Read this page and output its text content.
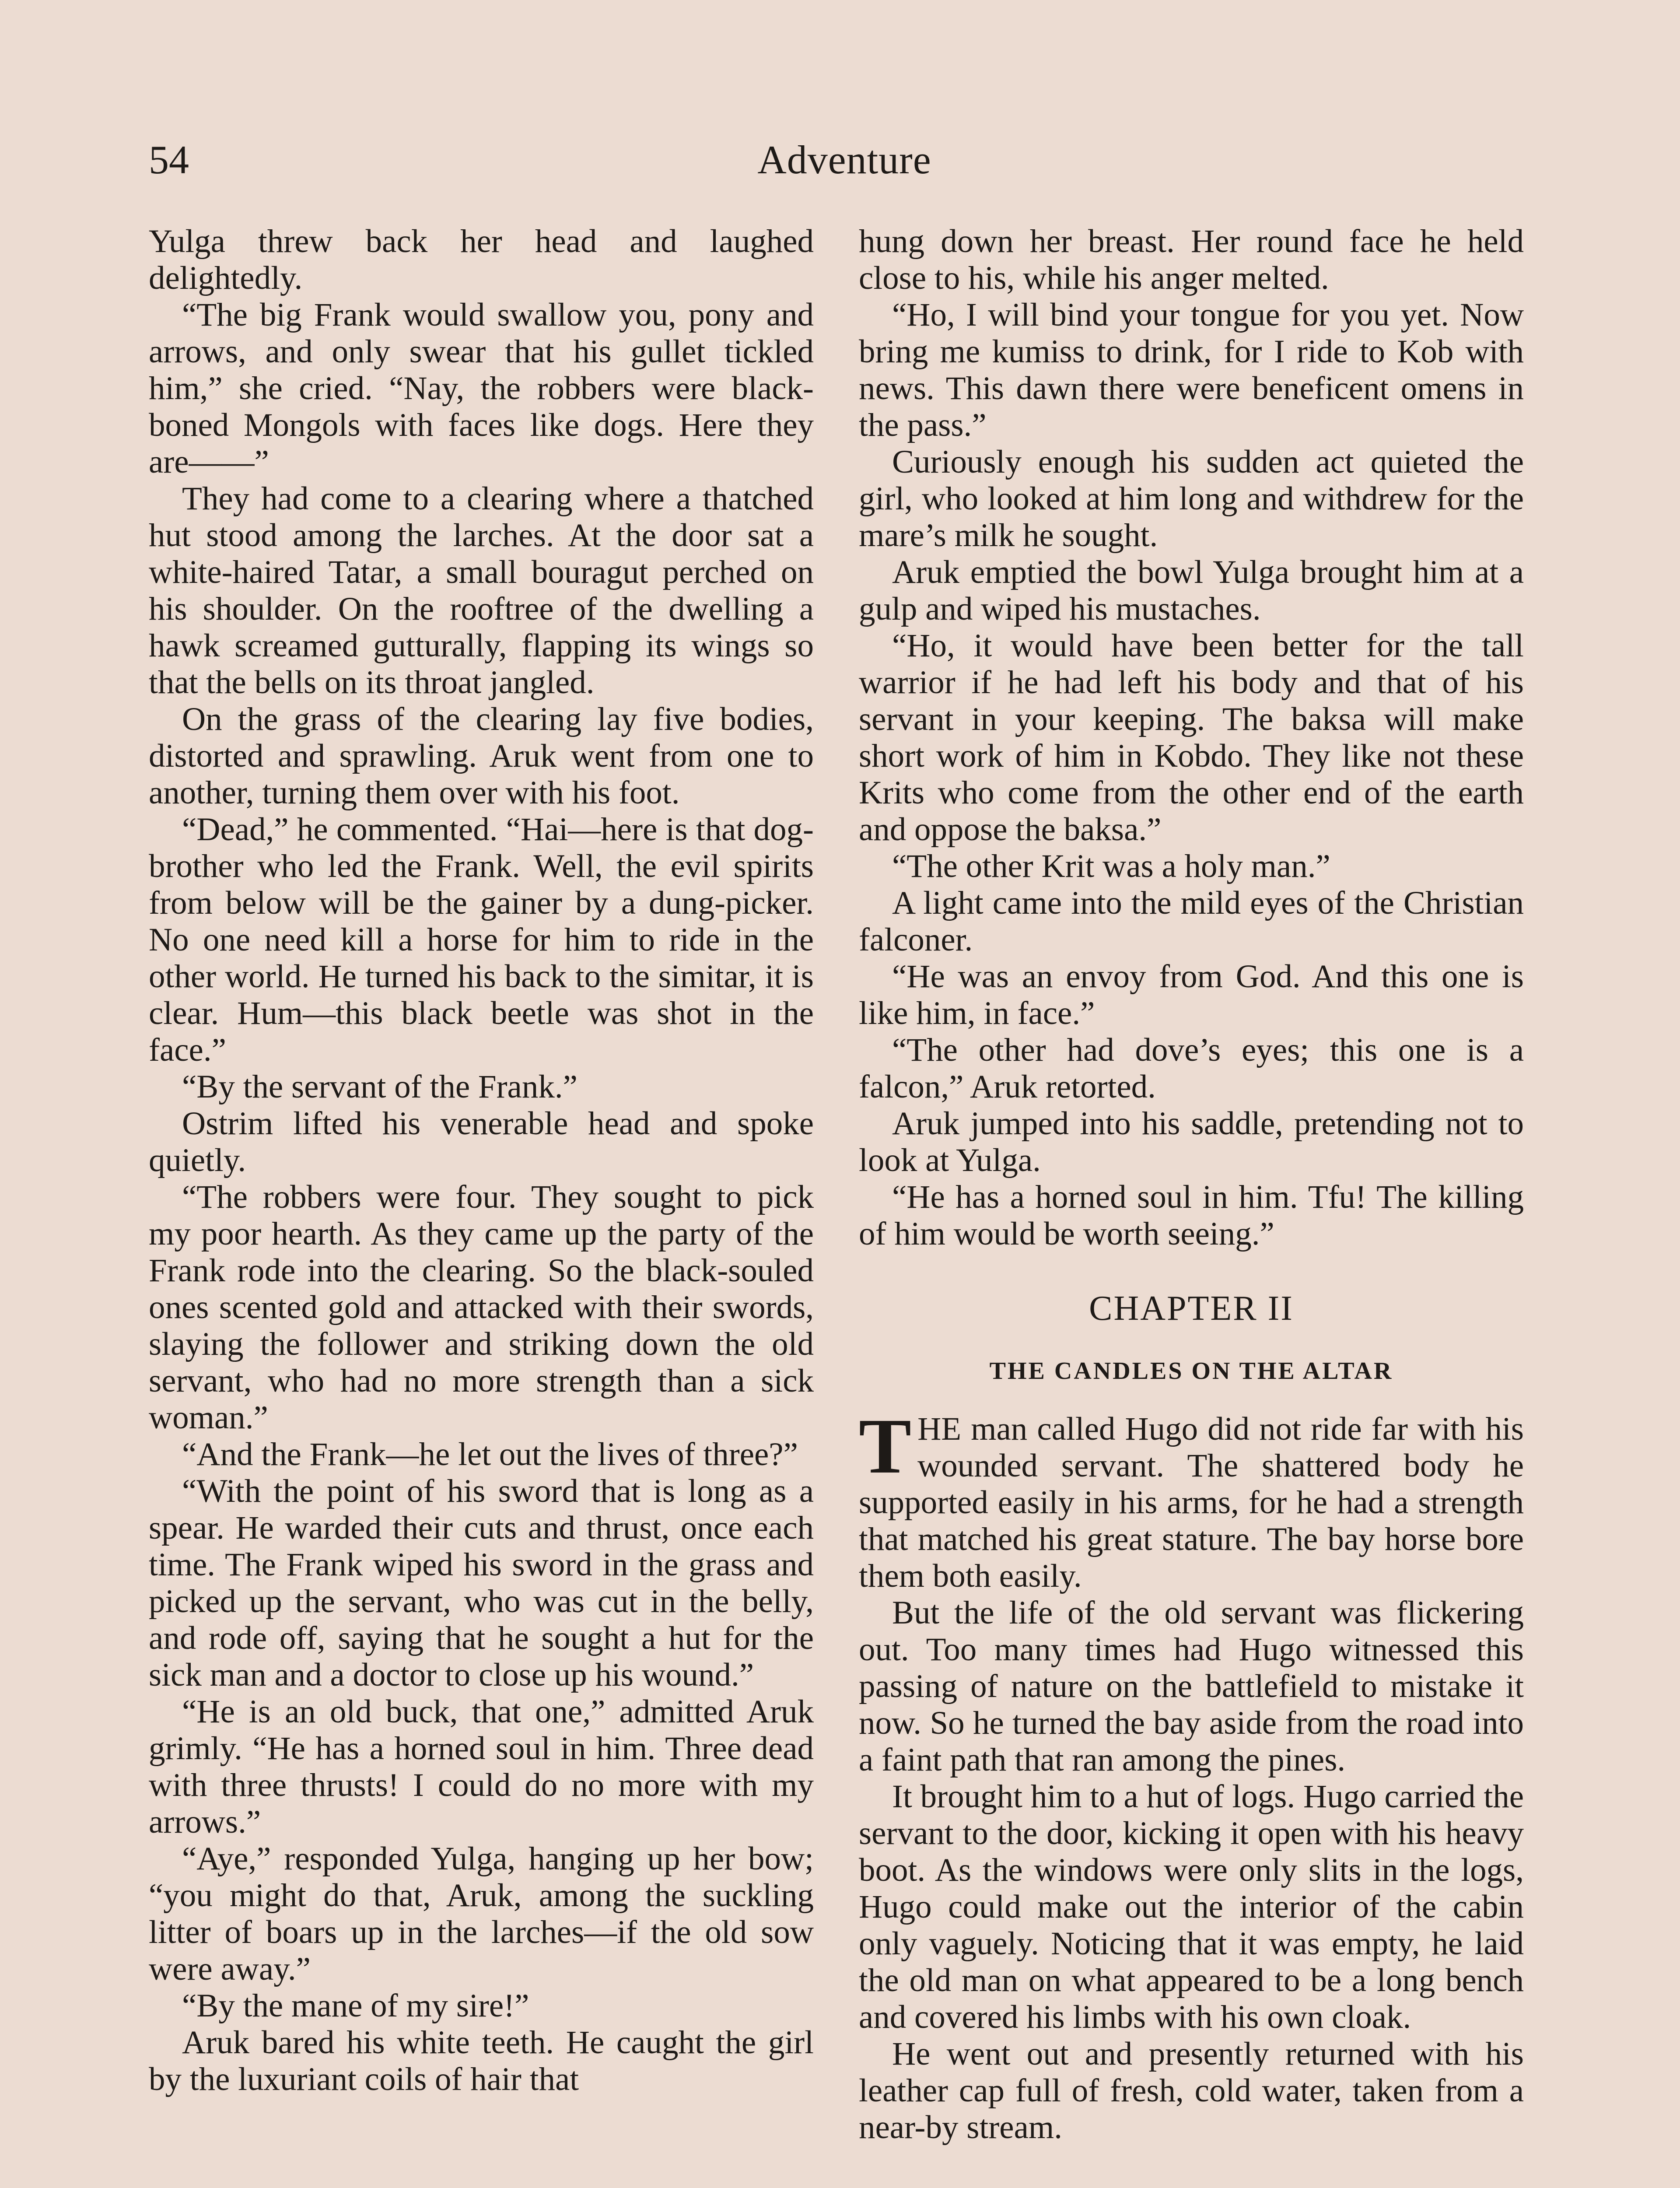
54	Adventure

Yulga threw back her head and laughed delightedly.

“The big Frank would swallow you, pony and arrows, and only swear that his gullet tickled him,” she cried. “Nay, the robbers were black-boned Mongols with faces like dogs. Here they are——”

They had come to a clearing where a thatched hut stood among the larches. At the door sat a white-haired Tatar, a small bouragut perched on his shoulder. On the rooftree of the dwelling a hawk screamed gutturally, flapping its wings so that the bells on its throat jangled.

On the grass of the clearing lay five bodies, distorted and sprawling. Aruk went from one to another, turning them over with his foot.

“Dead,” he commented. “Hai—here is that dog-brother who led the Frank. Well, the evil spirits from below will be the gainer by a dung-picker. No one need kill a horse for him to ride in the other world. He turned his back to the simitar, it is clear. Hum—this black beetle was shot in the face.”

“By the servant of the Frank.”

Ostrim lifted his venerable head and spoke quietly.

“The robbers were four. They sought to pick my poor hearth. As they came up the party of the Frank rode into the clearing. So the black-souled ones scented gold and attacked with their swords, slaying the follower and striking down the old servant, who had no more strength than a sick woman.”

“And the Frank—he let out the lives of three?”

“With the point of his sword that is long as a spear. He warded their cuts and thrust, once each time. The Frank wiped his sword in the grass and picked up the servant, who was cut in the belly, and rode off, saying that he sought a hut for the sick man and a doctor to close up his wound.”

“He is an old buck, that one,” admitted Aruk grimly. “He has a horned soul in him. Three dead with three thrusts! I could do no more with my arrows.”

“Aye,” responded Yulga, hanging up her bow; “you might do that, Aruk, among the suckling litter of boars up in the larches—if the old sow were away.”

“By the mane of my sire!”

Aruk bared his white teeth. He caught the girl by the luxuriant coils of hair that

hung down her breast. Her round face he held close to his, while his anger melted.

“Ho, I will bind your tongue for you yet. Now bring me kumiss to drink, for I ride to Kob with news. This dawn there were beneficent omens in the pass.”

Curiously enough his sudden act quieted the girl, who looked at him long and withdrew for the mare’s milk he sought.

Aruk emptied the bowl Yulga brought him at a gulp and wiped his mustaches.

“Ho, it would have been better for the tall warrior if he had left his body and that of his servant in your keeping. The baksa will make short work of him in Kobdo. They like not these Krits who come from the other end of the earth and oppose the baksa.”

“The other Krit was a holy man.”

A light came into the mild eyes of the Christian falconer.

“He was an envoy from God. And this one is like him, in face.”

“The other had dove’s eyes; this one is a falcon,” Aruk retorted.

Aruk jumped into his saddle, pretending not to look at Yulga.

“He has a horned soul in him. Tfu! The killing of him would be worth seeing.”

CHAPTER II
THE CANDLES ON THE ALTAR

THE man called Hugo did not ride far with his wounded servant. The shattered body he supported easily in his arms, for he had a strength that matched his great stature. The bay horse bore them both easily.

But the life of the old servant was flickering out. Too many times had Hugo witnessed this passing of nature on the battlefield to mistake it now. So he turned the bay aside from the road into a faint path that ran among the pines.

It brought him to a hut of logs. Hugo carried the servant to the door, kicking it open with his heavy boot. As the windows were only slits in the logs, Hugo could make out the interior of the cabin only vaguely. Noticing that it was empty, he laid the old man on what appeared to be a long bench and covered his limbs with his own cloak.

He went out and presently returned with his leather cap full of fresh, cold water, taken from a near-by stream.
